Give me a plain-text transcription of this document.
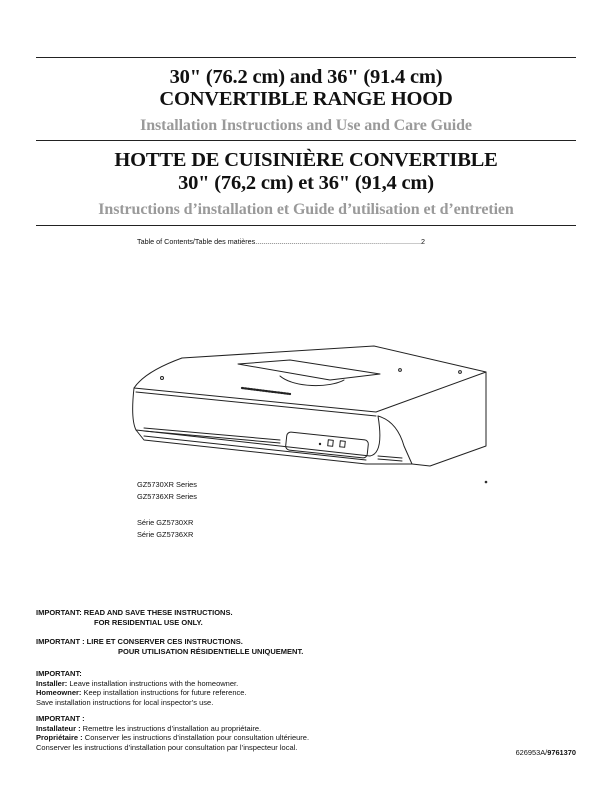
30" (76.2 cm) and 36" (91.4 cm)
CONVERTIBLE RANGE HOOD
Installation Instructions and Use and Care Guide
HOTTE DE CUISINIÈRE CONVERTIBLE
30" (76,2 cm) et 36" (91,4 cm)
Instructions d’installation et Guide d’utilisation et d’entretien
Table of Contents/Table des matières...................................................................................2
GZ5730XR Series
GZ5736XR Series
Série GZ5730XR
Série GZ5736XR
IMPORTANT: READ AND SAVE THESE INSTRUCTIONS.
FOR RESIDENTIAL USE ONLY.
IMPORTANT : LIRE ET CONSERVER CES INSTRUCTIONS.
POUR UTILISATION RÉSIDENTIELLE UNIQUEMENT.
IMPORTANT:
Installer: Leave installation instructions with the homeowner.
Homeowner: Keep installation instructions for future reference.
Save installation instructions for local inspector’s use.
IMPORTANT :
Installateur : Remettre les instructions d’installation au propriétaire.
Propriétaire : Conserver les instructions d’installation pour consultation ultérieure.
Conserver les instructions d’installation pour consultation par l’inspecteur local.
626953A/9761370
